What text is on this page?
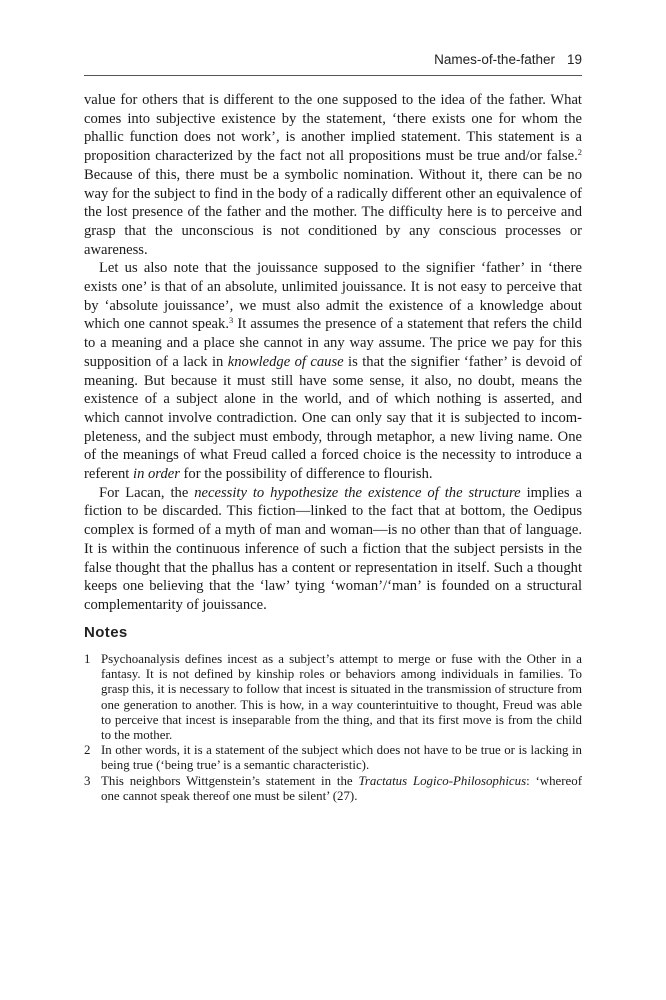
Names-of-the-father 19

value for others that is different to the one supposed to the idea of the father. What comes into subjective existence by the statement, ‘there exists one for whom the phallic function does not work’, is another implied statement. This statement is a proposition characterized by the fact not all propositions must be true and/or false.$^2$ Because of this, there must be a symbolic nomination. Without it, there can be no way for the subject to find in the body of a radically different other an equivalence of the lost presence of the father and the mother. The difficulty here is to perceive and grasp that the unconscious is not conditioned by any conscious processes or awareness.

Let us also note that the jouissance supposed to the signifier ‘father’ in ‘there exists one’ is that of an absolute, unlimited jouissance. It is not easy to perceive that by ‘absolute jouissance’, we must also admit the existence of a knowledge about which one cannot speak.$^3$ It assumes the presence of a statement that refers the child to a meaning and a place she cannot in any way assume. The price we pay for this supposition of a lack in knowledge of cause is that the signifier ‘father’ is devoid of meaning. But because it must still have some sense, it also, no doubt, means the existence of a subject alone in the world, and of which nothing is asserted, and which cannot involve contradiction. One can only say that it is subjected to incompleteness, and the subject must embody, through metaphor, a new living name. One of the meanings of what Freud called a forced choice is the necessity to introduce a referent in order for the possibility of difference to flourish.

For Lacan, the necessity to hypothesize the existence of the structure implies a fiction to be discarded. This fiction—linked to the fact that at bottom, the Oedipus complex is formed of a myth of man and woman—is no other than that of language. It is within the continuous inference of such a fiction that the subject persists in the false thought that the phallus has a content or representation in itself. Such a thought keeps one believing that the ‘law’ tying ‘woman’/‘man’ is founded on a structural complementarity of jouissance.

Notes
1 Psychoanalysis defines incest as a subject’s attempt to merge or fuse with the Other in a fantasy. It is not defined by kinship roles or behaviors among individuals in families. To grasp this, it is necessary to follow that incest is situated in the transmission of structure from one generation to another. This is how, in a way counterintuitive to thought, Freud was able to perceive that incest is inseparable from the thing, and that its first move is from the child to the mother.
2 In other words, it is a statement of the subject which does not have to be true or is lacking in being true (‘being true’ is a semantic characteristic).
3 This neighbors Wittgenstein’s statement in the Tractatus Logico-Philosophicus: ‘whereof one cannot speak thereof one must be silent’ (27).
